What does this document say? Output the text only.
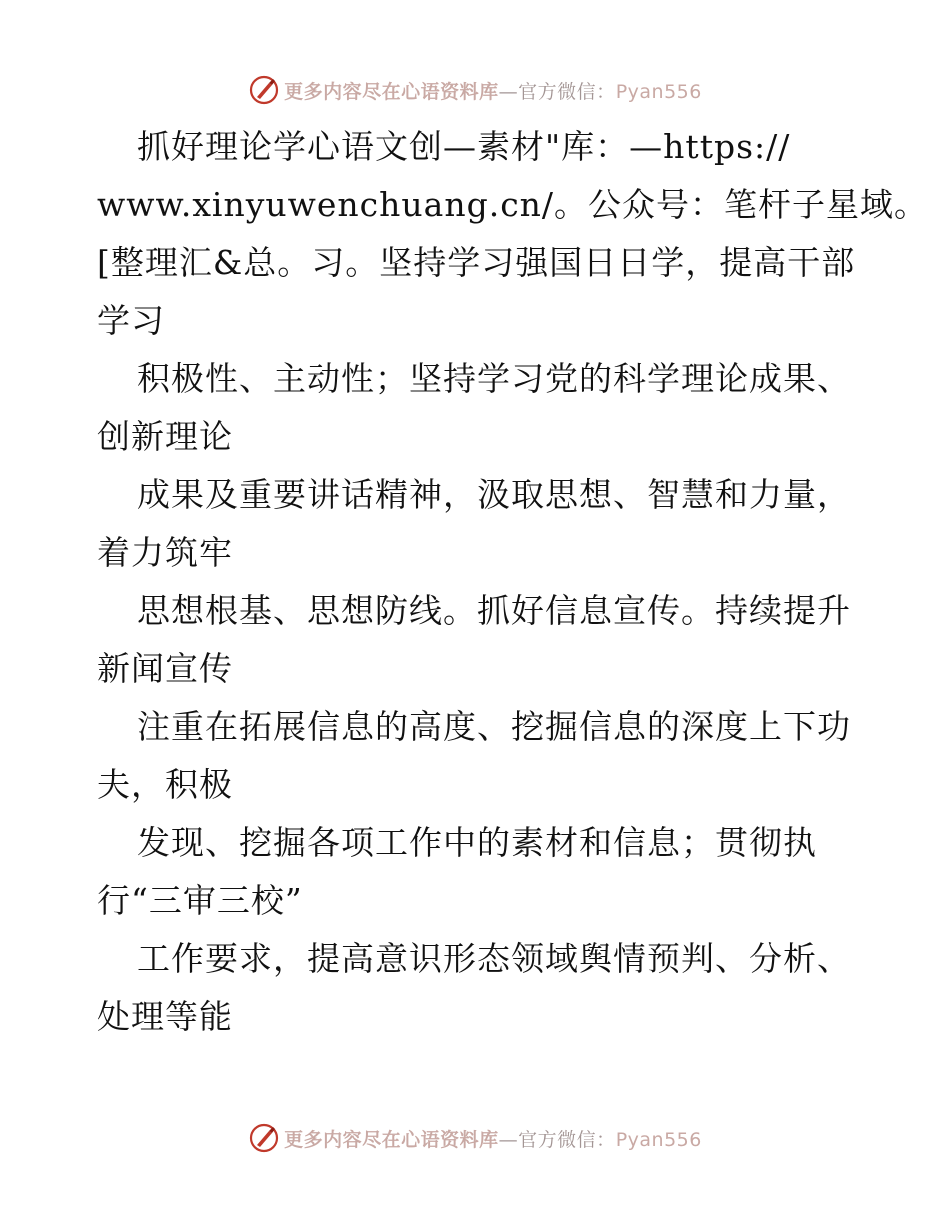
更多内容尽在心语资料库—官方微信：Pyan556
抓好理论学心语文创—素材"库：—https://
www.xinyuwenchuang.cn/。公众号：笔杆子星域。
[整理汇&总。习。坚持学习强国日日学，提高干部
学习
积极性、主动性；坚持学习党的科学理论成果、
创新理论
成果及重要讲话精神，汲取思想、智慧和力量，
着力筑牢
思想根基、思想防线。抓好信息宣传。持续提升
新闻宣传
注重在拓展信息的高度、挖掘信息的深度上下功
夫，积极
发现、挖掘各项工作中的素材和信息；贯彻执
行“三审三校”
工作要求，提高意识形态领域舆情预判、分析、
处理等能
更多内容尽在心语资料库—官方微信：Pyan556
